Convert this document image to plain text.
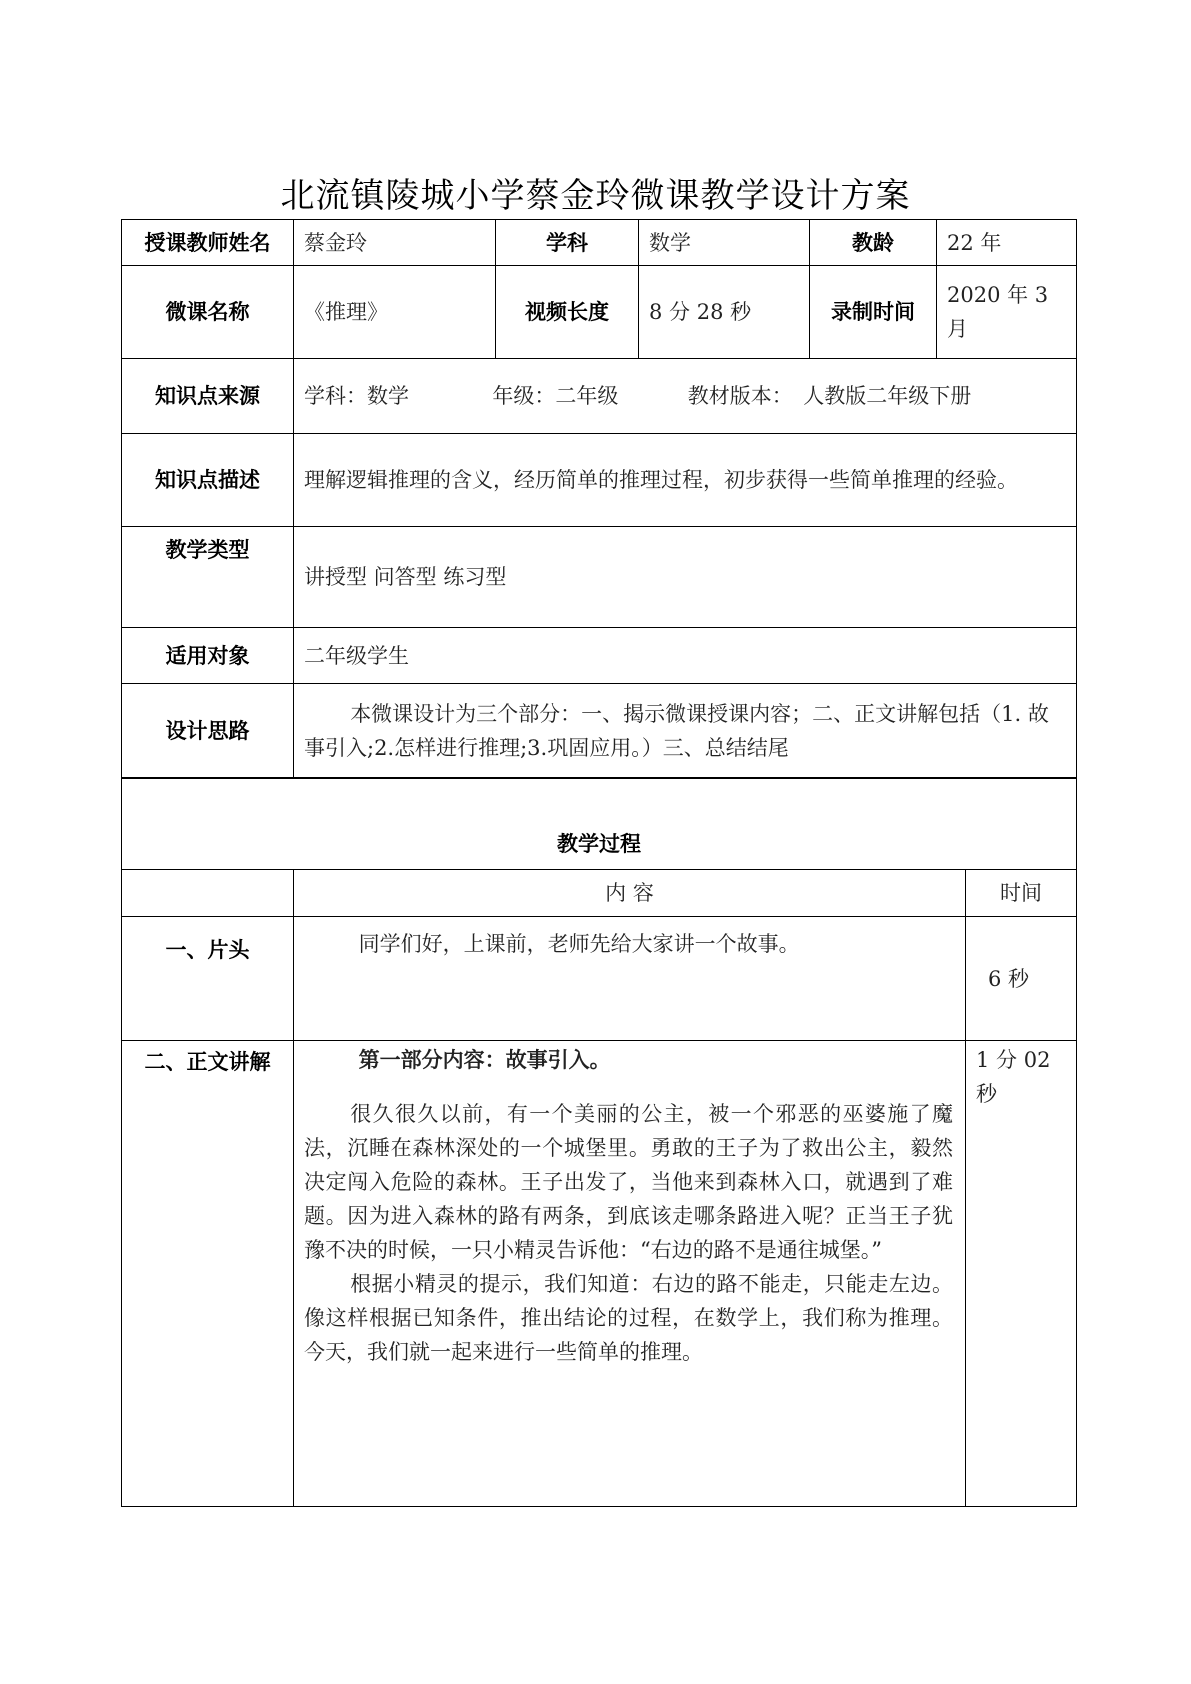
北流镇陵城小学蔡金玲微课教学设计方案
授课教师姓名	蔡金玲	学科	数学	教龄	22 年
微课名称	《推理》	视频长度	8 分 28 秒	录制时间	2020 年 3 月
知识点来源	学科：数学 年级：二年级 教材版本：　人教版二年级下册				
知识点描述	理解逻辑推理的含义，经历简单的推理过程，初步获得一些简单推理的经验。				
教学类型	讲授型 问答型 练习型				
适用对象	二年级学生				
设计思路	本微课设计为三个部分：一、揭示微课授课内容；二、正文讲解包括（1. 故事引入;2.怎样进行推理;3.巩固应用。）三、总结结尾				

教学过程		
	内 容	时间
一、片头	同学们好，上课前，老师先给大家讲一个故事。	6 秒
二、正文讲解	第一部分内容：故事引入。

很久很久以前，有一个美丽的公主，被一个邪恶的巫婆施了魔法，沉睡在森林深处的一个城堡里。勇敢的王子为了救出公主，毅然决定闯入危险的森林。王子出发了，当他来到森林入口，就遇到了难题。因为进入森林的路有两条，到底该走哪条路进入呢？正当王子犹豫不决的时候，一只小精灵告诉他：“右边的路不是通往城堡。”

根据小精灵的提示，我们知道：右边的路不能走，只能走左边。像这样根据已知条件，推出结论的过程，在数学上，我们称为推理。今天，我们就一起来进行一些简单的推理。	1 分 02 秒
